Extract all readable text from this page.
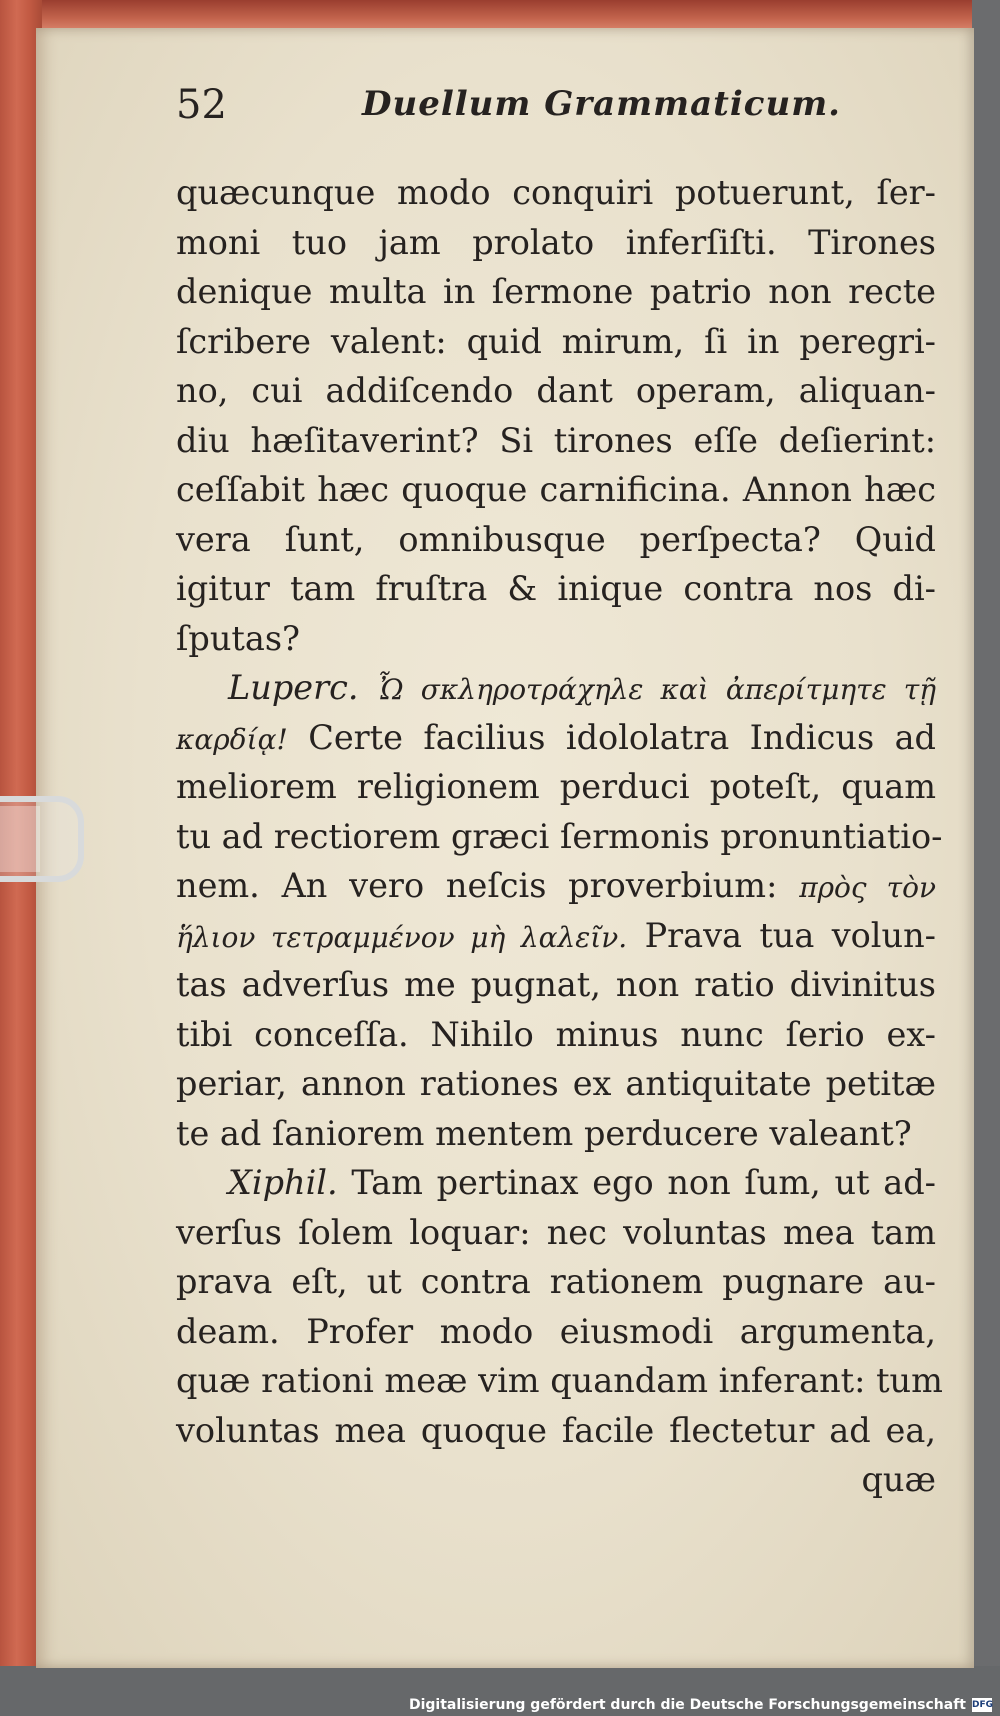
52	Duellum Grammaticum.
quæcunque modo conquiri potuerunt, ſer-
moni tuo jam prolato inferſiſti. Tirones
denique multa in ſermone patrio non recte
ſcribere valent: quid mirum, ſi in peregri-
no, cui addiſcendo dant operam, aliquan-
diu hæſitaverint? Si tirones eſſe deſierint:
ceſſabit hæc quoque carnificina. Annon hæc
vera ſunt, omnibusque perſpecta? Quid
igitur tam fruſtra & inique contra nos di-
ſputas?
Luperc. Ὦ σκληροτράχηλε καὶ ἀπερίτμητε τῇ
καρδίᾳ! Certe facilius idololatra Indicus ad
meliorem religionem perduci poteſt, quam
tu ad rectiorem græci ſermonis pronuntiatio-
nem. An vero neſcis proverbium: πρὸς τὸν
ἥλιον τετραμμένον μὴ λαλεῖν. Prava tua volun-
tas adverſus me pugnat, non ratio divinitus
tibi conceſſa. Nihilo minus nunc ſerio ex-
periar, annon rationes ex antiquitate petitæ
te ad ſaniorem mentem perducere valeant?
Xiphil. Tam pertinax ego non ſum, ut ad-
verſus ſolem loquar: nec voluntas mea tam
prava eſt, ut contra rationem pugnare au-
deam. Profer modo eiusmodi argumenta,
quæ rationi meæ vim quandam inferant: tum
voluntas mea quoque facile flectetur ad ea,
quæ
Digitalisierung gefördert durch die Deutsche Forschungsgemeinschaft DFG
